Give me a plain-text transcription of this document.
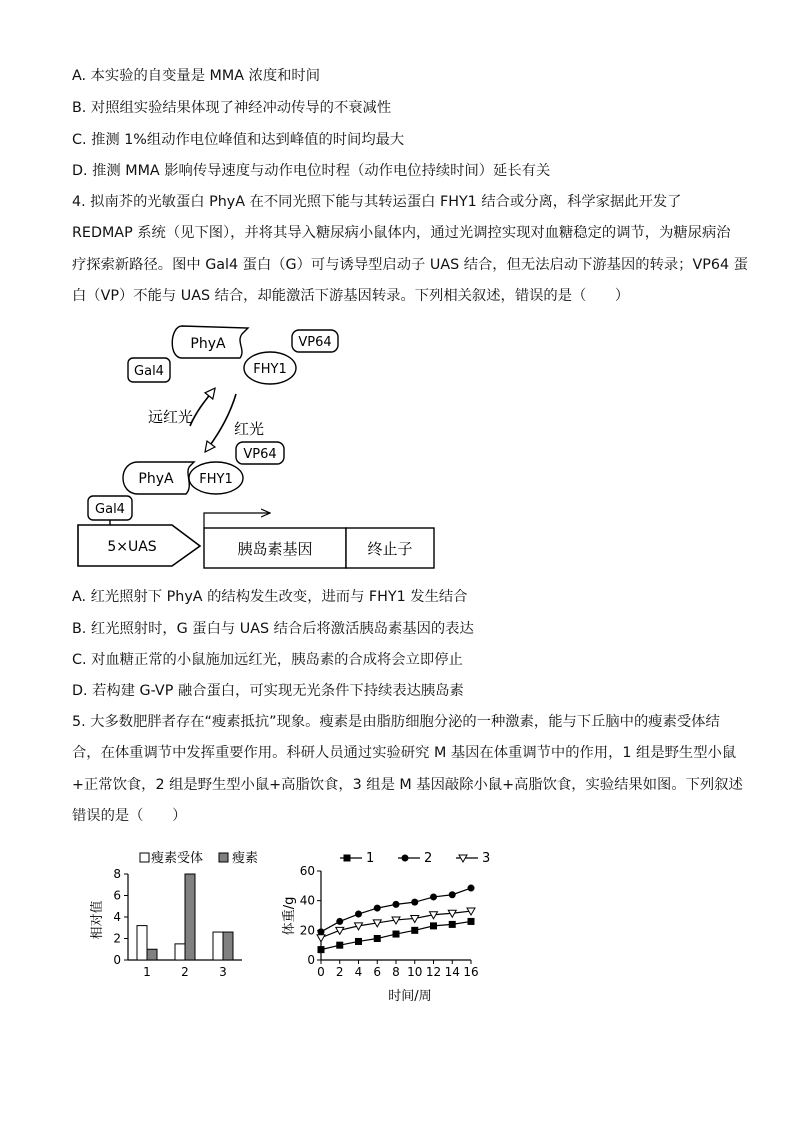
A. 本实验的自变量是 MMA 浓度和时间
B. 对照组实验结果体现了神经冲动传导的不衰减性
C. 推测 1%组动作电位峰值和达到峰值的时间均最大
D. 推测 MMA 影响传导速度与动作电位时程（动作电位持续时间）延长有关
4. 拟南芥的光敏蛋白 PhyA 在不同光照下能与其转运蛋白 FHY1 结合或分离，科学家据此开发了
REDMAP 系统（见下图），并将其导入糖尿病小鼠体内，通过光调控实现对血糖稳定的调节，为糖尿病治
疗探索新路径。图中 Gal4 蛋白（G）可与诱导型启动子 UAS 结合，但无法启动下游基因的转录；VP64 蛋
白（VP）不能与 UAS 结合，却能激活下游基因转录。下列相关叙述，错误的是（　　）
PhyA
Gal4	FHY1
VP64
远红光
红光
PhyA FHY1
VP64
Gal4
5×UAS	胰岛素基因	终止子
A. 红光照射下 PhyA 的结构发生改变，进而与 FHY1 发生结合
B. 红光照射时，G 蛋白与 UAS 结合后将激活胰岛素基因的表达
C. 对血糖正常的小鼠施加远红光，胰岛素的合成将会立即停止
D. 若构建 G-VP 融合蛋白，可实现无光条件下持续表达胰岛素
5. 大多数肥胖者存在“瘦素抵抗”现象。瘦素是由脂肪细胞分泌的一种激素，能与下丘脑中的瘦素受体结
合，在体重调节中发挥重要作用。科研人员通过实验研究 M 基因在体重调节中的作用，1 组是野生型小鼠
+正常饮食，2 组是野生型小鼠+高脂饮食，3 组是 M 基因敲除小鼠+高脂饮食，实验结果如图。下列叙述
错误的是（　　）
瘦素受体 瘦素
相对值
0
2
4
6
8
1	2	3
1	2	3
体重/g
时间/周
0
20
40
60
0 2 4 6 8 10 12 14 16
